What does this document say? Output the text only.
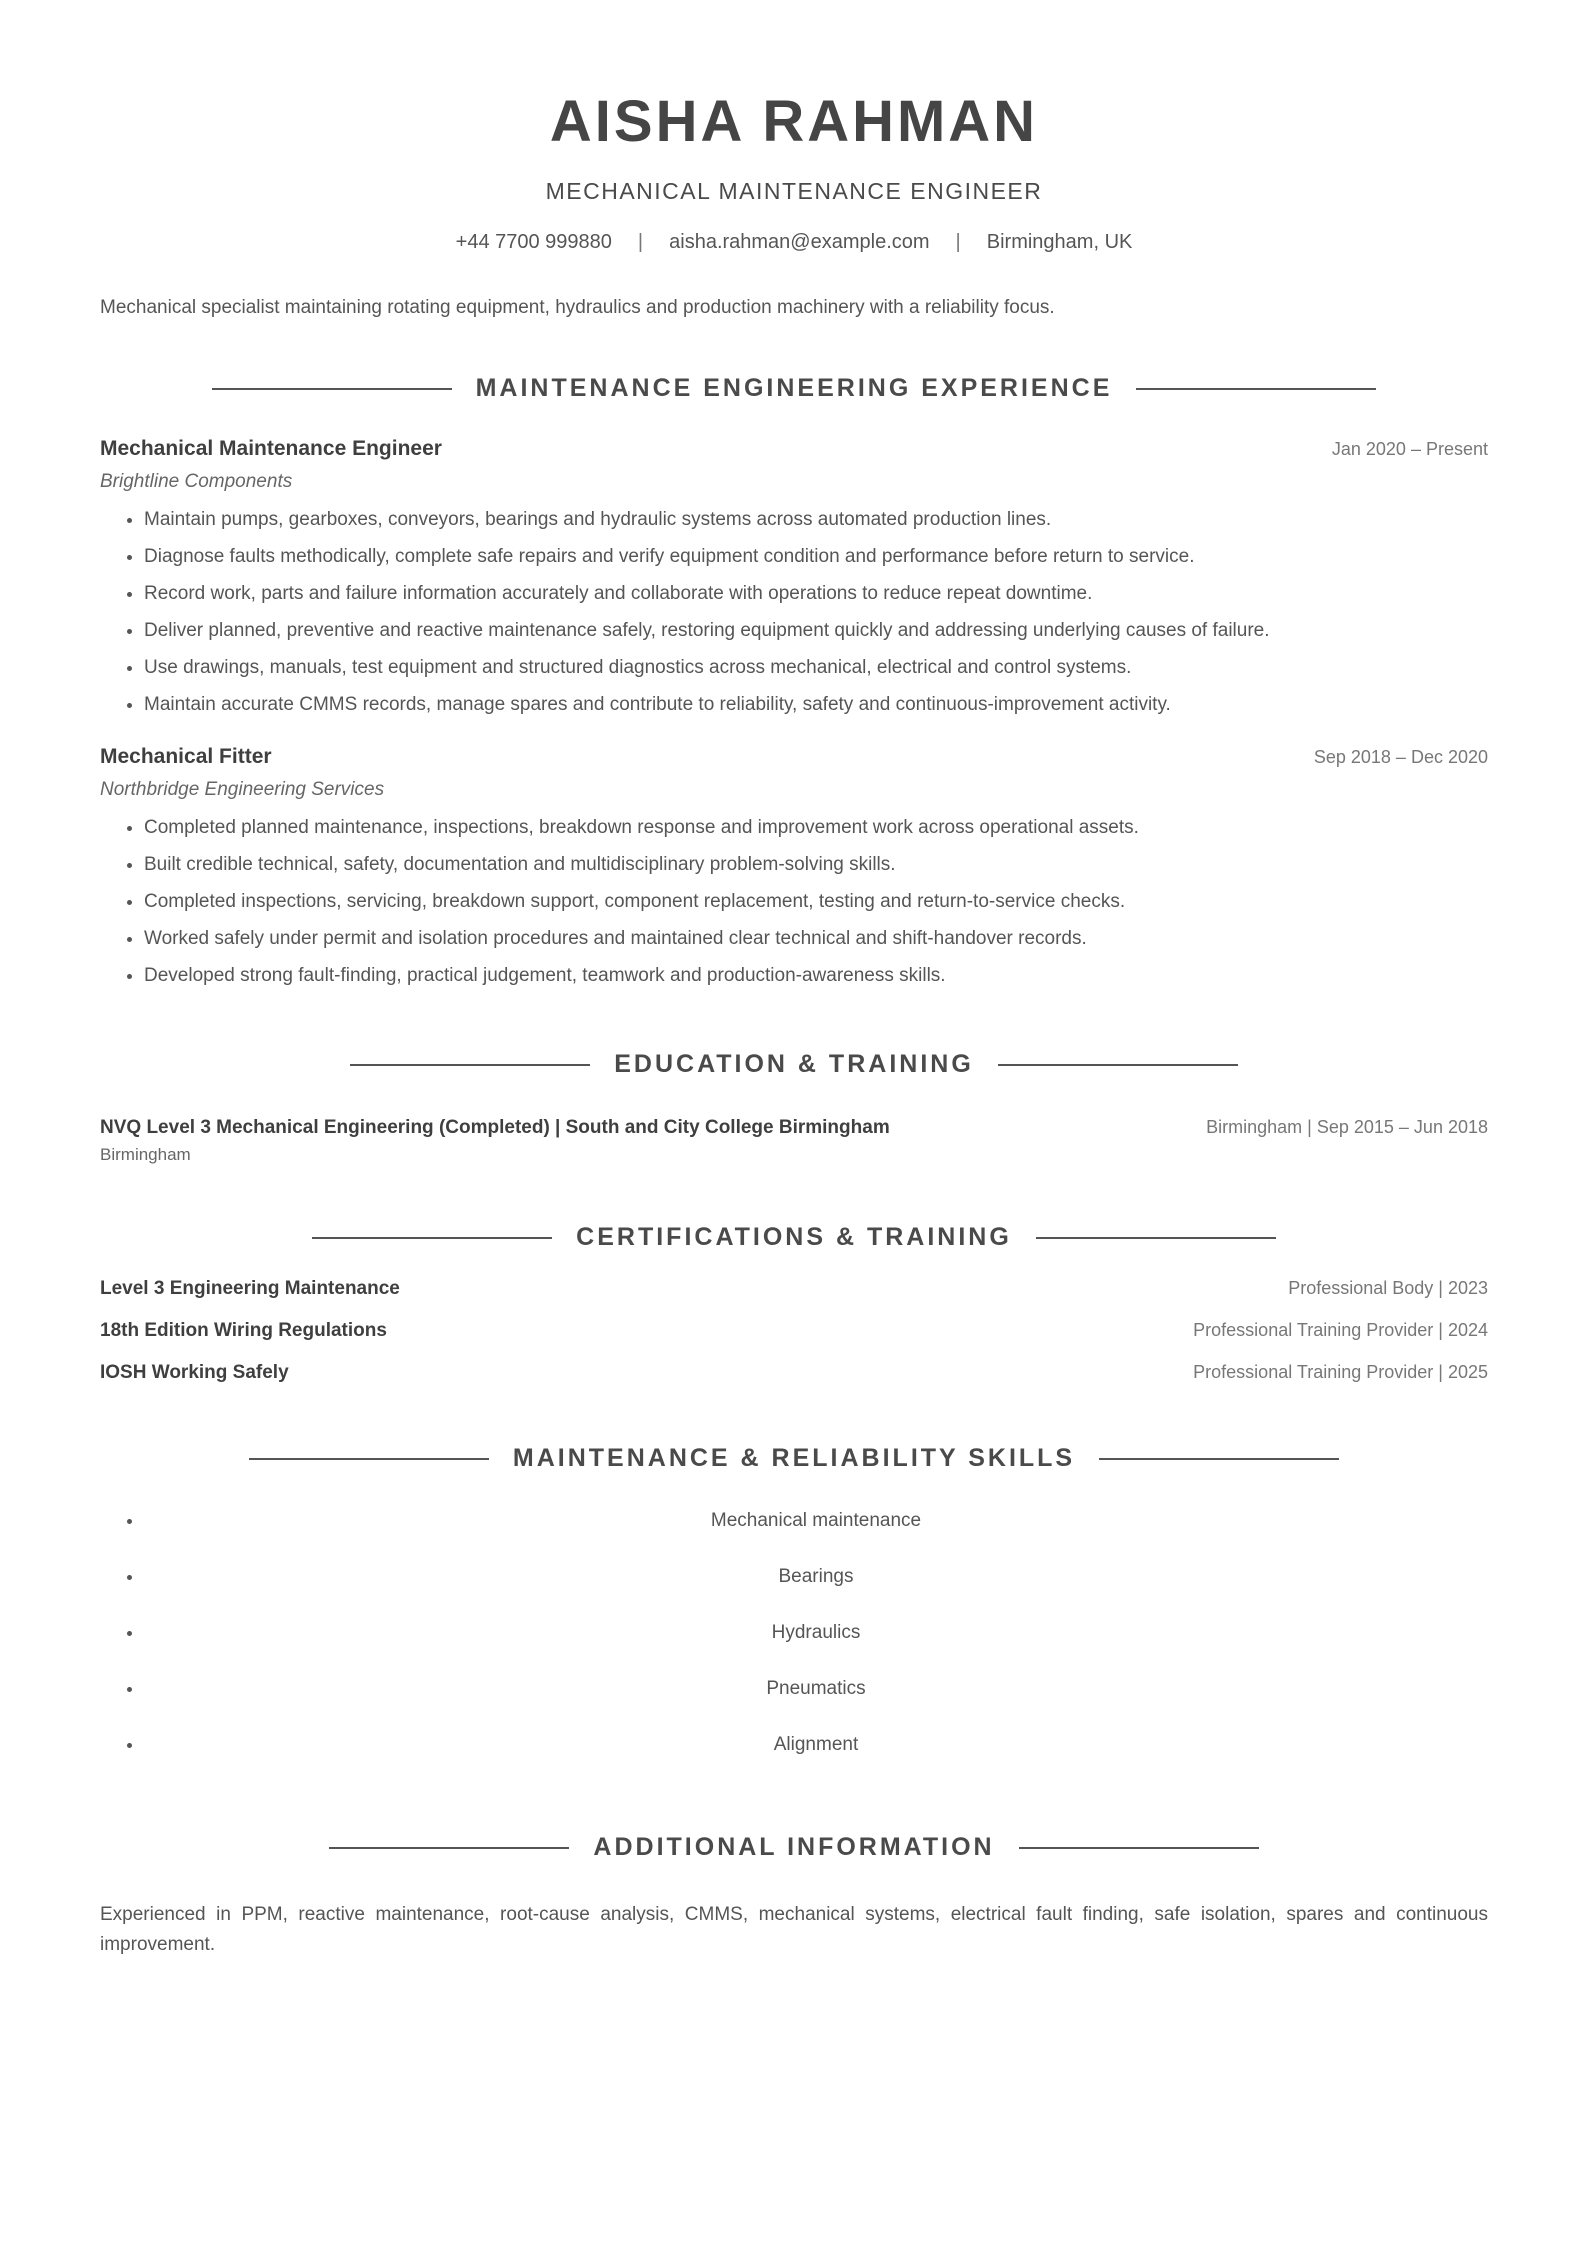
AISHA RAHMAN
MECHANICAL MAINTENANCE ENGINEER
+44 7700 999880 | aisha.rahman@example.com | Birmingham, UK
Mechanical specialist maintaining rotating equipment, hydraulics and production machinery with a reliability focus.
MAINTENANCE ENGINEERING EXPERIENCE
Mechanical Maintenance Engineer	Jan 2020 – Present
Brightline Components
• Maintain pumps, gearboxes, conveyors, bearings and hydraulic systems across automated production lines.
• Diagnose faults methodically, complete safe repairs and verify equipment condition and performance before return to service.
• Record work, parts and failure information accurately and collaborate with operations to reduce repeat downtime.
• Deliver planned, preventive and reactive maintenance safely, restoring equipment quickly and addressing underlying causes of failure.
• Use drawings, manuals, test equipment and structured diagnostics across mechanical, electrical and control systems.
• Maintain accurate CMMS records, manage spares and contribute to reliability, safety and continuous-improvement activity.
Mechanical Fitter	Sep 2018 – Dec 2020
Northbridge Engineering Services
• Completed planned maintenance, inspections, breakdown response and improvement work across operational assets.
• Built credible technical, safety, documentation and multidisciplinary problem-solving skills.
• Completed inspections, servicing, breakdown support, component replacement, testing and return-to-service checks.
• Worked safely under permit and isolation procedures and maintained clear technical and shift-handover records.
• Developed strong fault-finding, practical judgement, teamwork and production-awareness skills.
EDUCATION & TRAINING
NVQ Level 3 Mechanical Engineering (Completed) | South and City College Birmingham	Birmingham | Sep 2015 – Jun 2018
Birmingham
CERTIFICATIONS & TRAINING
Level 3 Engineering Maintenance	Professional Body | 2023
18th Edition Wiring Regulations	Professional Training Provider | 2024
IOSH Working Safely	Professional Training Provider | 2025
MAINTENANCE & RELIABILITY SKILLS
• Mechanical maintenance
• Bearings
• Hydraulics
• Pneumatics
• Alignment
ADDITIONAL INFORMATION
Experienced in PPM, reactive maintenance, root-cause analysis, CMMS, mechanical systems, electrical fault finding, safe isolation, spares and continuous improvement.
